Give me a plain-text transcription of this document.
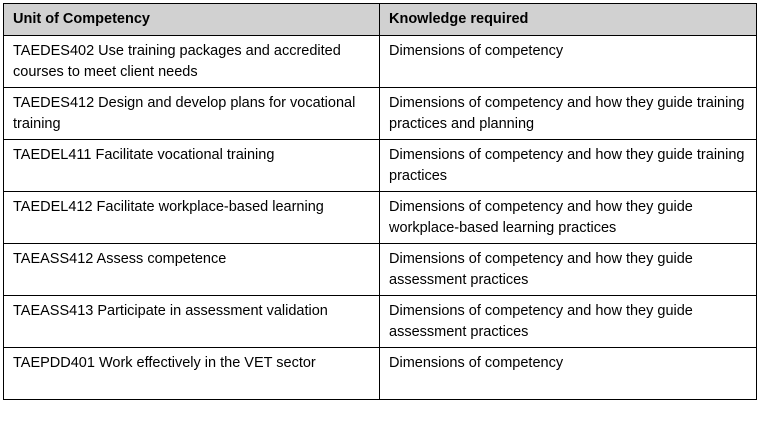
Unit of Competency	Knowledge required
TAEDES402 Use training packages and accredited courses to meet client needs	Dimensions of competency
TAEDES412 Design and develop plans for vocational training	Dimensions of competency and how they guide training practices and planning
TAEDEL411 Facilitate vocational training	Dimensions of competency and how they guide training practices
TAEDEL412 Facilitate workplace-based learning	Dimensions of competency and how they guide workplace-based learning practices
TAEASS412 Assess competence	Dimensions of competency and how they guide assessment practices
TAEASS413 Participate in assessment validation	Dimensions of competency and how they guide assessment practices
TAEPDD401 Work effectively in the VET sector	Dimensions of competency
